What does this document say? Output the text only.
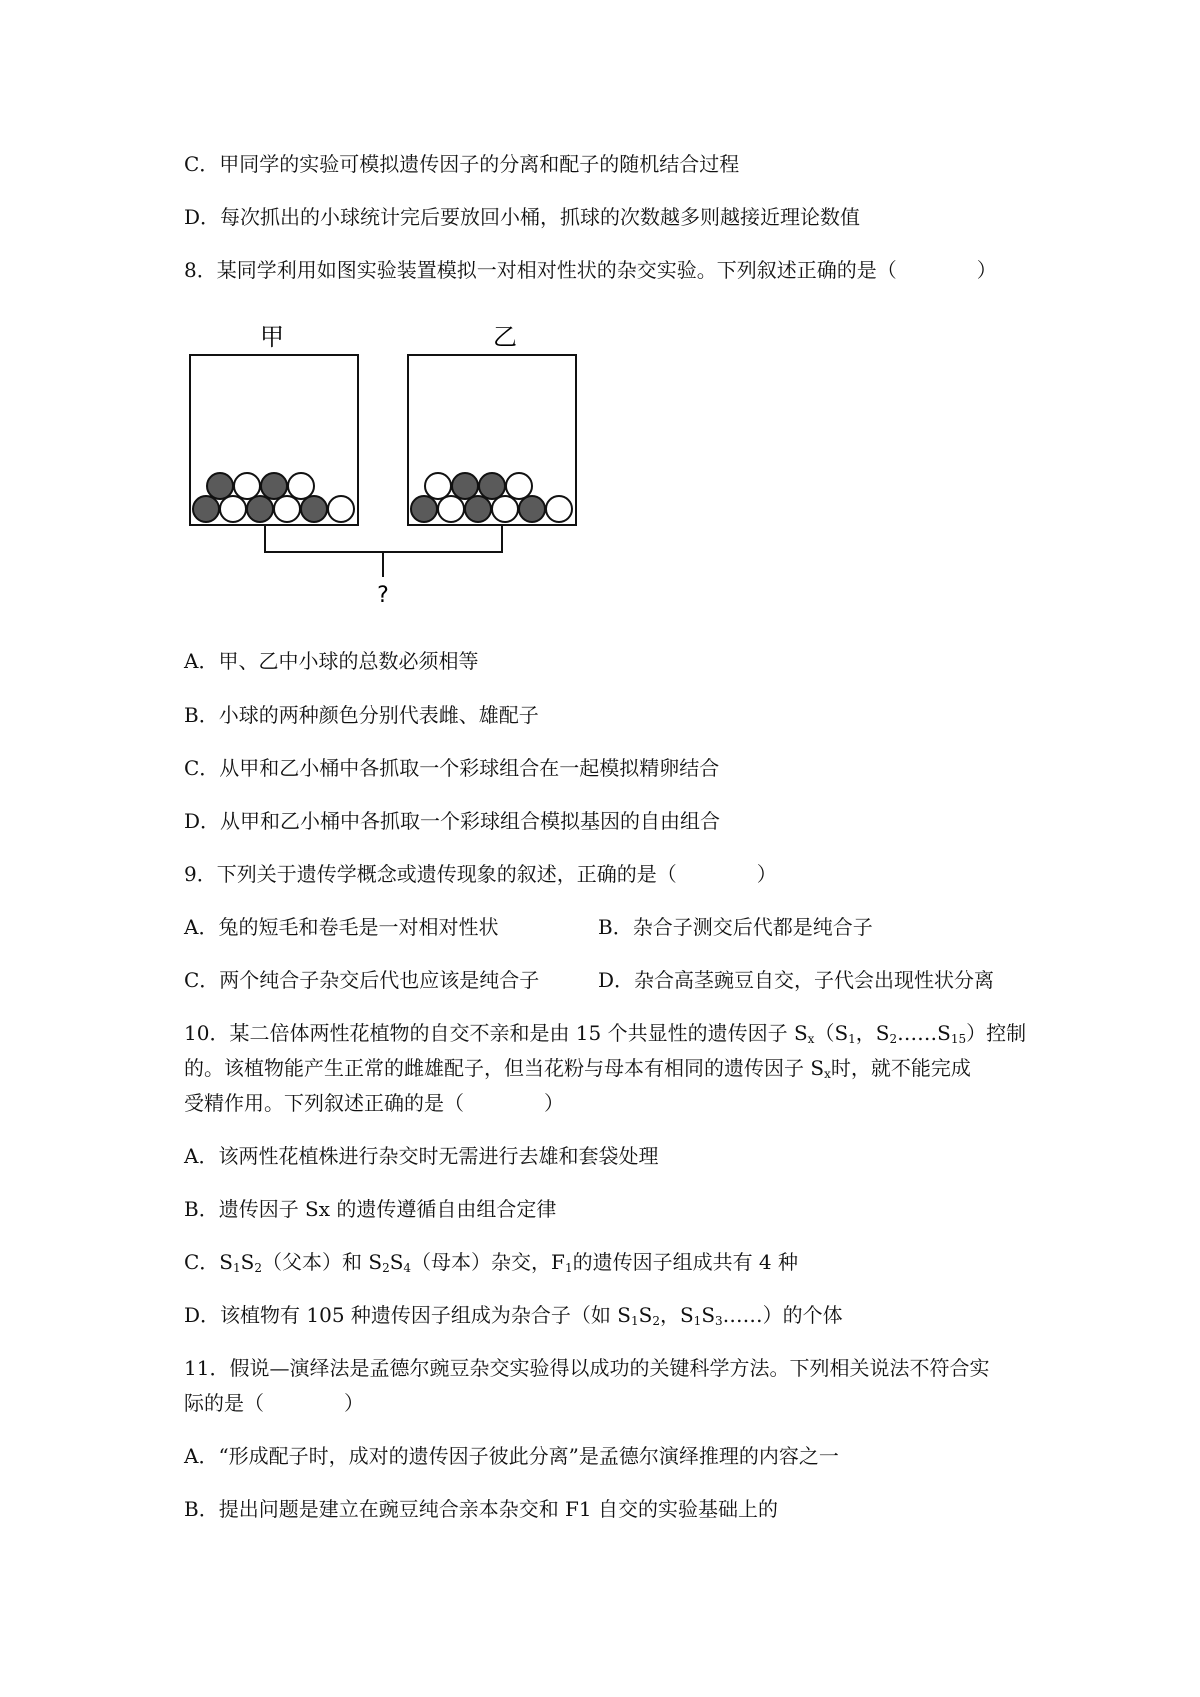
C．甲同学的实验可模拟遗传因子的分离和配子的随机结合过程
D．每次抓出的小球统计完后要放回小桶，抓球的次数越多则越接近理论数值
8．某同学利用如图实验装置模拟一对相对性状的杂交实验。下列叙述正确的是（　　　　）
甲	乙
?
A．甲、乙中小球的总数必须相等
B．小球的两种颜色分别代表雌、雄配子
C．从甲和乙小桶中各抓取一个彩球组合在一起模拟精卵结合
D．从甲和乙小桶中各抓取一个彩球组合模拟基因的自由组合
9．下列关于遗传学概念或遗传现象的叙述，正确的是（　　　　）
A．兔的短毛和卷毛是一对相对性状	B．杂合子测交后代都是纯合子
C．两个纯合子杂交后代也应该是纯合子	D．杂合高茎豌豆自交，子代会出现性状分离
10．某二倍体两性花植物的自交不亲和是由 15 个共显性的遗传因子 $S_x(S_1$，$S_2\dots\dots S_{15}$）控制
的。该植物能产生正常的雌雄配子，但当花粉与母本有相同的遗传因子 $S_x$时，就不能完成
受精作用。下列叙述正确的是（　　　　）
A．该两性花植株进行杂交时无需进行去雄和套袋处理
B．遗传因子 Sx 的遗传遵循自由组合定律
C．$S_1S_2$（父本）和 $S_2S_4$（母本）杂交，$F_1$的遗传因子组成共有 4 种
D．该植物有 105 种遗传因子组成为杂合子（如 $S_1S_2$，$S_1S_3\dots\dots$）的个体
11．假说—演绎法是孟德尔豌豆杂交实验得以成功的关键科学方法。下列相关说法不符合实
际的是（　　　　）
A．“形成配子时，成对的遗传因子彼此分离”是孟德尔演绎推理的内容之一
B．提出问题是建立在豌豆纯合亲本杂交和 F1 自交的实验基础上的
